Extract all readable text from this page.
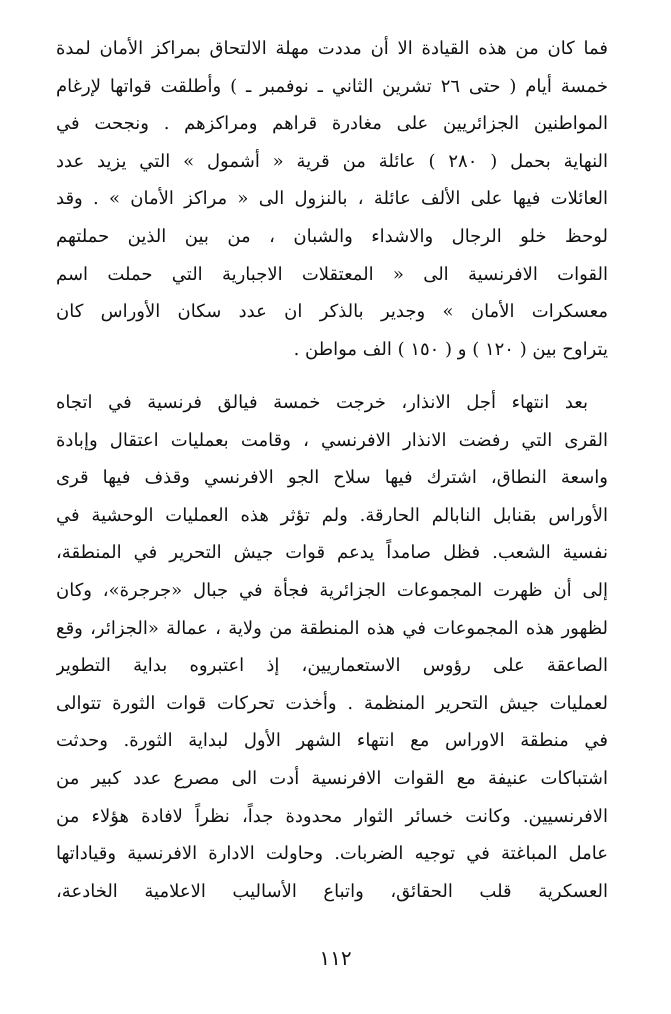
فما كان من هذه القيادة الا أن مددت مهلة الالتحاق بمراكز الأمان لمدة
خمسة أيام ( حتى ٢٦ تشرين الثاني ـ نوفمبر ـ ) وأطلقت قواتها لإرغام
المواطنين الجزائريين على مغادرة قراهم ومراكزهم . ونجحت في
النهاية بحمل ( ٢٨٠ ) عائلة من قرية « أشمول » التي يزيد عدد
العائلات فيها على الألف عائلة ، بالنزول الى « مراكز الأمان » . وقد
لوحظ خلو الرجال والاشداء والشبان ، من بين الذين حملتهم
القوات الافرنسية الى « المعتقلات الاجبارية التي حملت اسم
معسكرات الأمان » وجدير بالذكر ان عدد سكان الأوراس كان
يتراوح بين ( ١٢٠ ) و ( ١٥٠ ) الف مواطن .
بعد انتهاء أجل الانذار، خرجت خمسة فيالق فرنسية في اتجاه
القرى التي رفضت الانذار الافرنسي ، وقامت بعمليات اعتقال وإبادة
واسعة النطاق، اشترك فيها سلاح الجو الافرنسي وقذف فيها قرى
الأوراس بقنابل النابالم الحارقة. ولم تؤثر هذه العمليات الوحشية في
نفسية الشعب. فظل صامداً يدعم قوات جيش التحرير في المنطقة،
إلى أن ظهرت المجموعات الجزائرية فجأة في جبال «جرجرة»، وكان
لظهور هذه المجموعات في هذه المنطقة من ولاية ، عمالة «الجزائر، وقع
الصاعقة على رؤوس الاستعماريين، إذ اعتبروه بداية التطوير
لعمليات جيش التحرير المنظمة . وأخذت تحركات قوات الثورة تتوالى
في منطقة الاوراس مع انتهاء الشهر الأول لبداية الثورة. وحدثت
اشتباكات عنيفة مع القوات الافرنسية أدت الى مصرع عدد كبير من
الافرنسيين. وكانت خسائر الثوار محدودة جداً، نظراً لافادة هؤلاء من
عامل المباغتة في توجيه الضربات. وحاولت الادارة الافرنسية وقياداتها
العسكرية قلب الحقائق، واتباع الأساليب الاعلامية الخادعة،
١١٢
